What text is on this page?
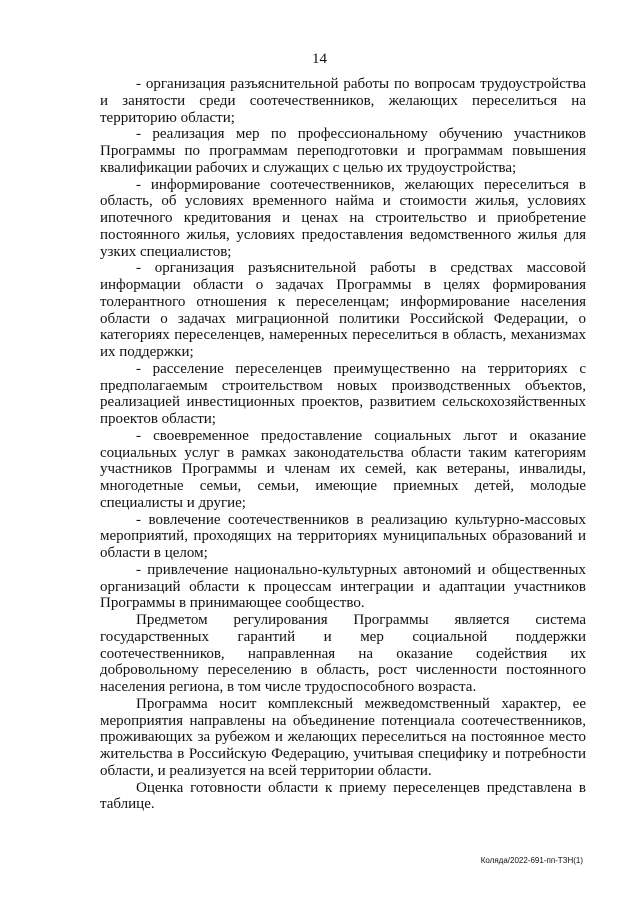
14

- организация разъяснительной работы по вопросам трудоустройства и занятости среди соотечественников, желающих переселиться на территорию области;

- реализация мер по профессиональному обучению участников Программы по программам переподготовки и программам повышения квалификации рабочих и служащих с целью их трудоустройства;

- информирование соотечественников, желающих переселиться в область, об условиях временного найма и стоимости жилья, условиях ипотечного кредитования и ценах на строительство и приобретение постоянного жилья, условиях предоставления ведомственного жилья для узких специалистов;

- организация разъяснительной работы в средствах массовой информации области о задачах Программы в целях формирования толерантного отношения к переселенцам; информирование населения области о задачах миграционной политики Российской Федерации, о категориях переселенцев, намеренных переселиться в область, механизмах их поддержки;

- расселение переселенцев преимущественно на территориях с предполагаемым строительством новых производственных объектов, реализацией инвестиционных проектов, развитием сельскохозяйственных проектов области;

- своевременное предоставление социальных льгот и оказание социальных услуг в рамках законодательства области таким категориям участников Программы и членам их семей, как ветераны, инвалиды, многодетные семьи, семьи, имеющие приемных детей, молодые специалисты и другие;

- вовлечение соотечественников в реализацию культурно-массовых мероприятий, проходящих на территориях муниципальных образований и области в целом;

- привлечение национально-культурных автономий и общественных организаций области к процессам интеграции и адаптации участников Программы в принимающее сообщество.

Предметом регулирования Программы является система государственных гарантий и мер социальной поддержки соотечественников, направленная на оказание содействия их добровольному переселению в область, рост численности постоянного населения региона, в том числе трудоспособного возраста.

Программа носит комплексный межведомственный характер, ее мероприятия направлены на объединение потенциала соотечественников, проживающих за рубежом и желающих переселиться на постоянное место жительства в Российскую Федерацию, учитывая специфику и потребности области, и реализуется на всей территории области.

Оценка готовности области к приему переселенцев представлена в таблице.

Колядa/2022-691-пп-ТЗН(1)
